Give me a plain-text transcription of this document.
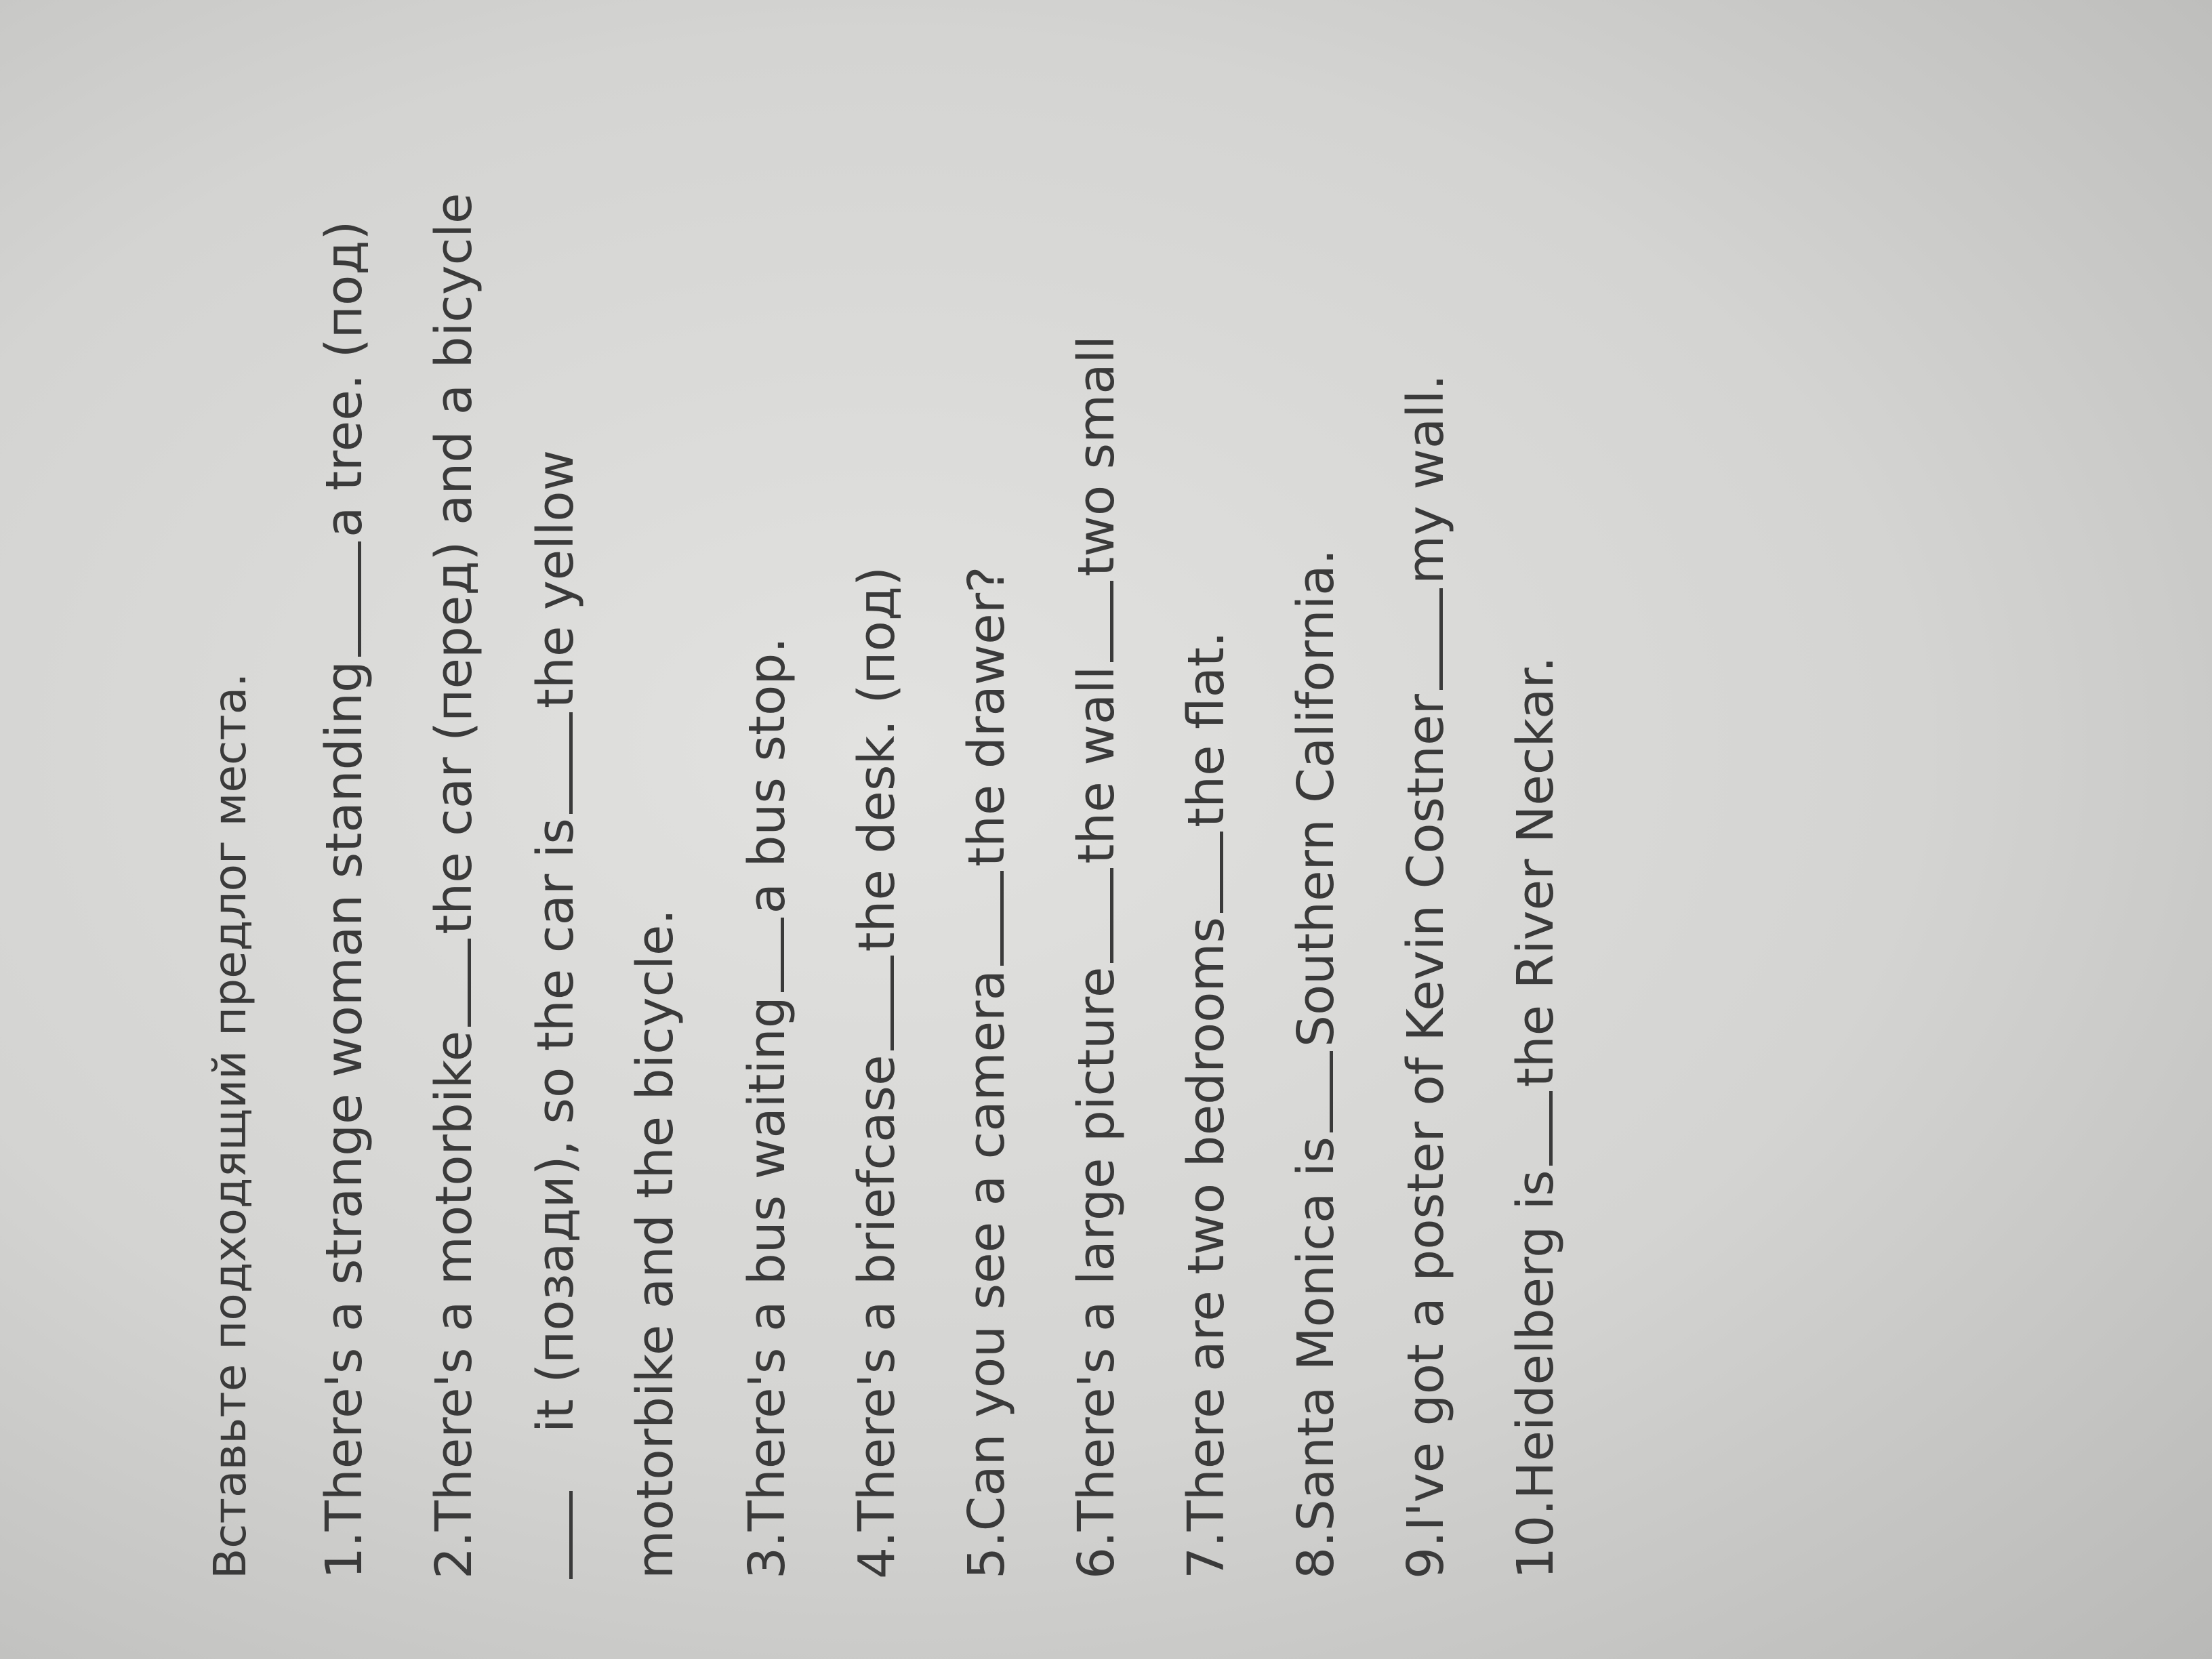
Вставьте подходящий предлог места. 1.There's a strange woman standinga tree. (под)
2.There's a motorbikethe car (перед) and a bicycle
it (позади), so the car isthe yellow
motorbike and the bicycle. 3.There's a bus waitinga bus stop.
4.There's a briefcasethe desk. (под)
5.Can you see a camerathe drawer?
6.There's a large picturethe walltwo small
7.There are two bedroomsthe flat.
8.Santa Monica isSouthern California. 9.I've got a poster of Kevin Costnermy wall.
10.Heidelberg isthe River Neckar.
